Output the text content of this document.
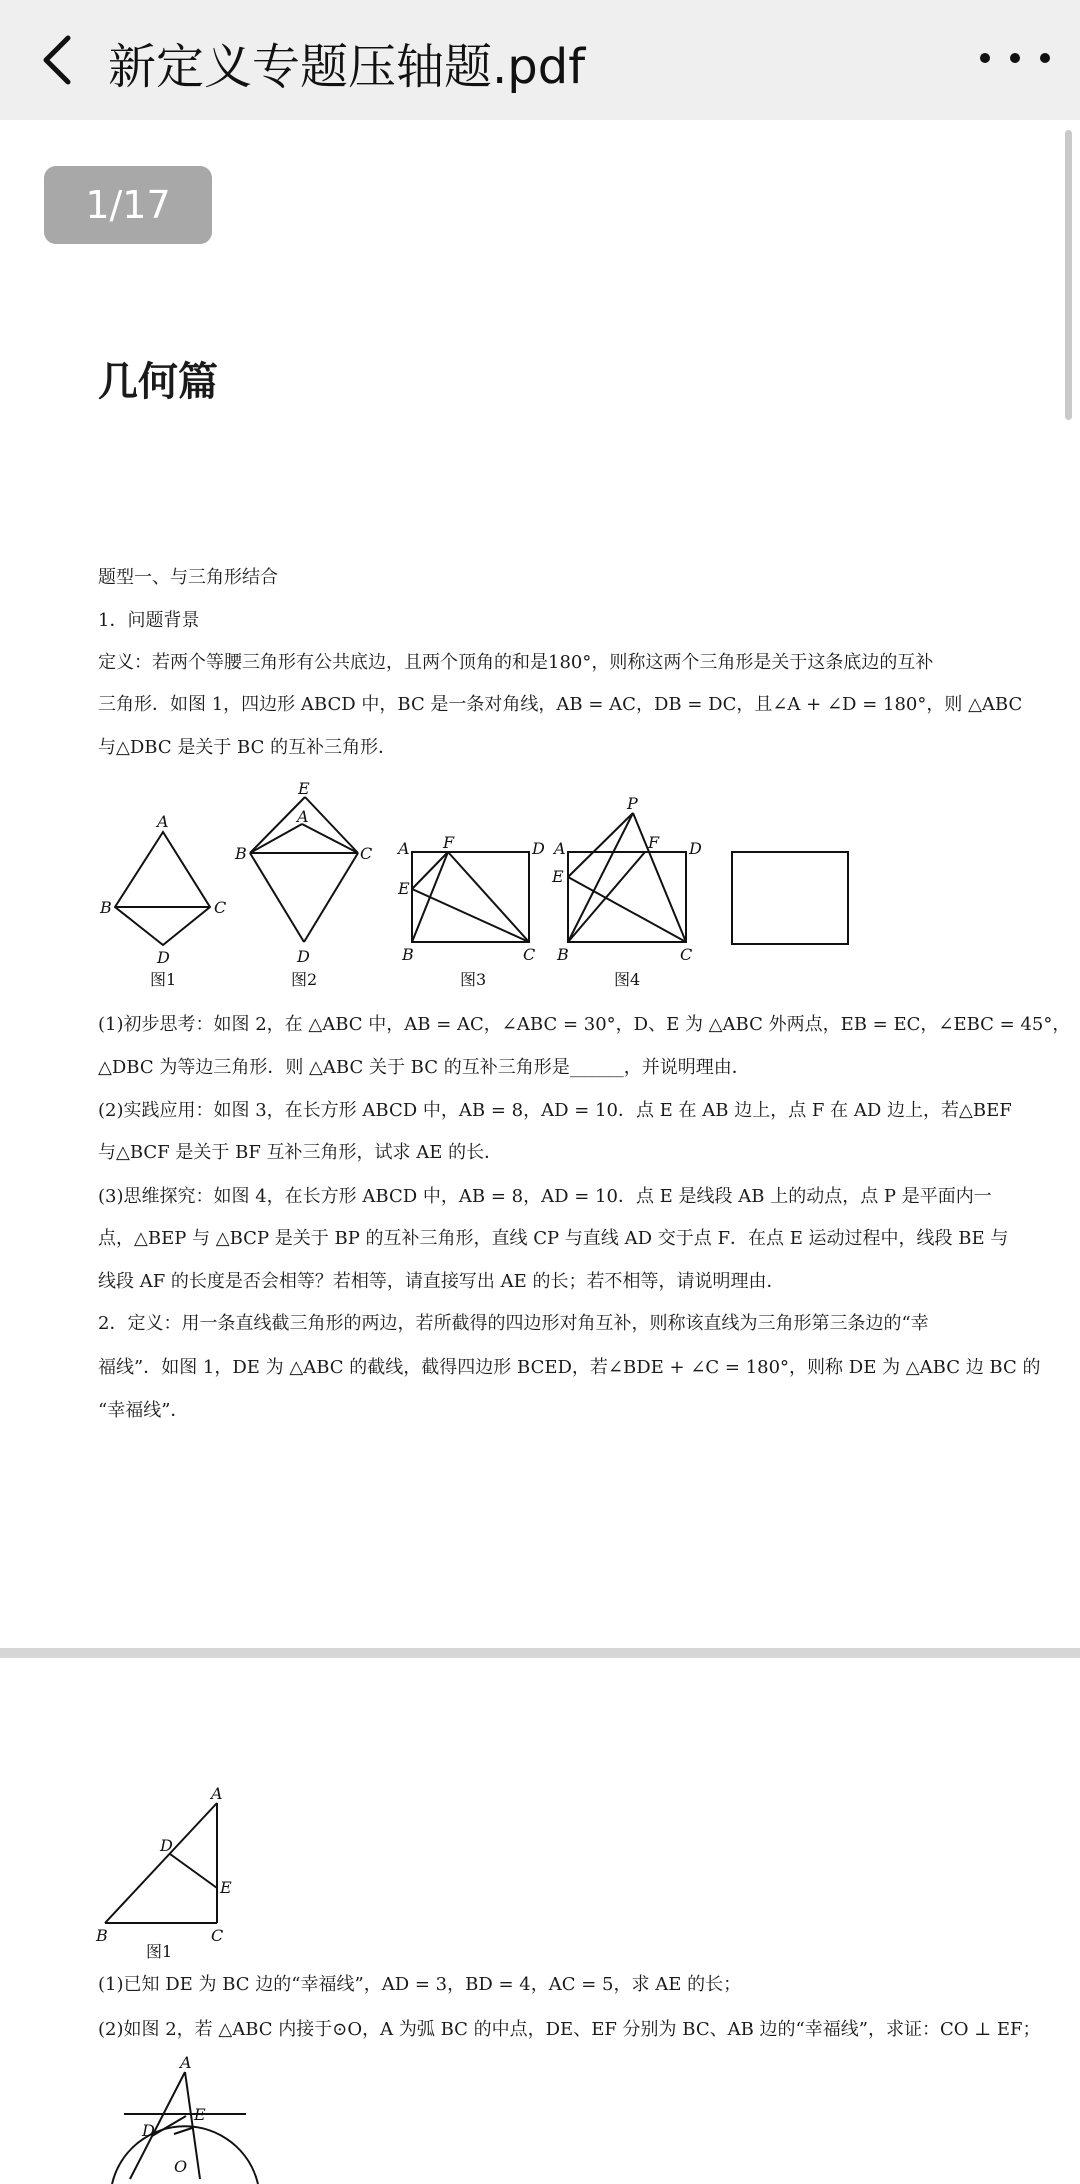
新定义专题压轴题.pdf
1/17
几何篇
题型一、与三角形结合
1．问题背景
定义：若两个等腰三角形有公共底边，且两个顶角的和是180°，则称这两个三角形是关于这条底边的互补
三角形．如图 1，四边形 ABCD 中，BC 是一条对角线，AB = AC，DB = DC，且∠A + ∠D = 180°，则 △ABC
与△DBC 是关于 BC 的互补三角形．
A
B	C
D
E
A
B	C
D
A F	D
E
B	C
P
A	F D
E
B	C
图1	图2	图3	图4
(1)初步思考：如图 2，在 △ABC 中，AB = AC，∠ABC = 30°，D、E 为 △ABC 外两点，EB = EC，∠EBC = 45°，
△DBC 为等边三角形．则 △ABC 关于 BC 的互补三角形是______，并说明理由．
(2)实践应用：如图 3，在长方形 ABCD 中，AB = 8，AD = 10．点 E 在 AB 边上，点 F 在 AD 边上，若△BEF
与△BCF 是关于 BF 互补三角形，试求 AE 的长．
(3)思维探究：如图 4，在长方形 ABCD 中，AB = 8，AD = 10．点 E 是线段 AB 上的动点，点 P 是平面内一
点，△BEP 与 △BCP 是关于 BP 的互补三角形，直线 CP 与直线 AD 交于点 F．在点 E 运动过程中，线段 BE 与
线段 AF 的长度是否会相等？若相等，请直接写出 AE 的长；若不相等，请说明理由．
2．定义：用一条直线截三角形的两边，若所截得的四边形对角互补，则称该直线为三角形第三条边的“幸
福线”．如图 1，DE 为 △ABC 的截线，截得四边形 BCED，若∠BDE + ∠C = 180°，则称 DE 为 △ABC 边 BC 的
“幸福线”．
A
D
E
B	C
图1
(1)已知 DE 为 BC 边的“幸福线”，AD = 3，BD = 4，AC = 5，求 AE 的长；
(2)如图 2，若 △ABC 内接于⊙O，A 为弧 BC 的中点，DE、EF 分别为 BC、AB 边的“幸福线”，求证：CO ⊥ EF；
A
D
E
O
